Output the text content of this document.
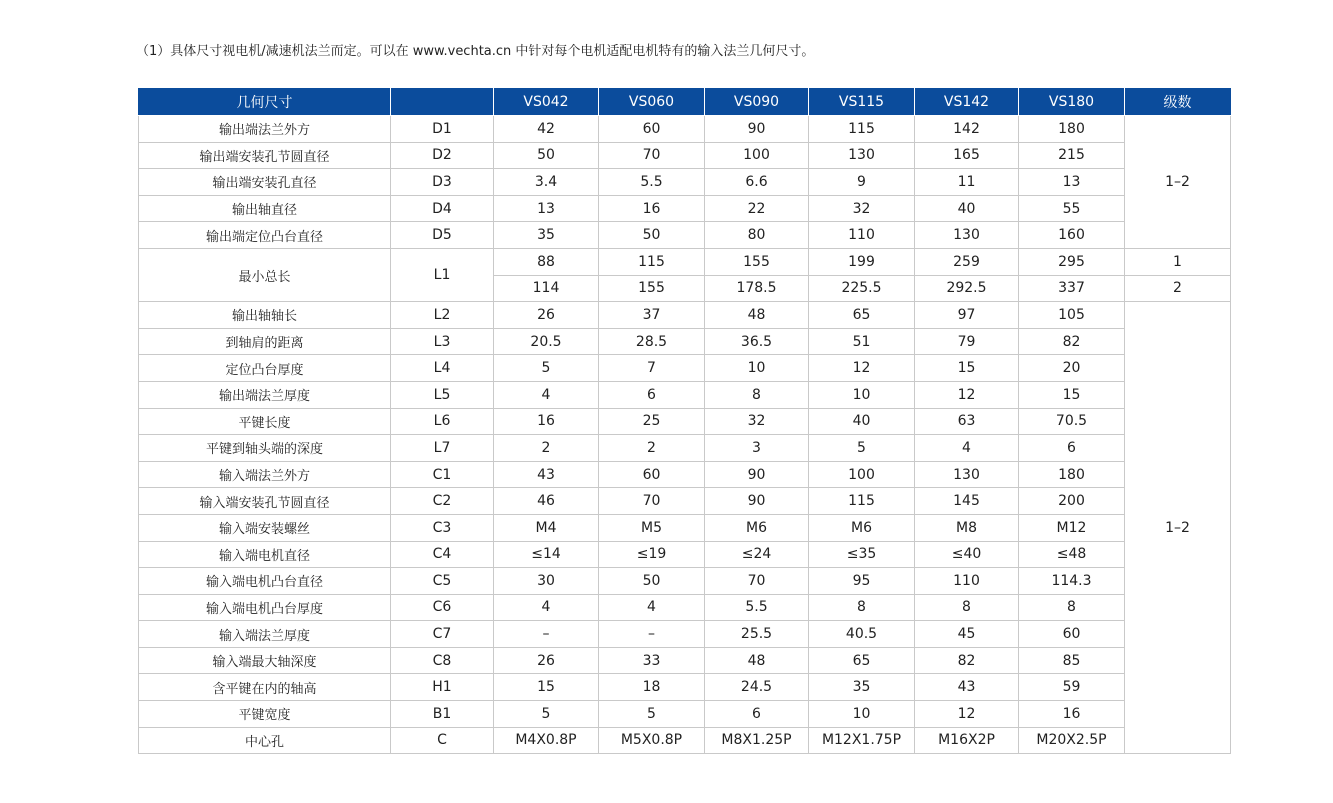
（1）具体尺寸视电机/减速机法兰而定。可以在 www.vechta.cn 中针对每个电机适配电机特有的输入法兰几何尺寸。
几何尺寸		VS042	VS060	VS090	VS115	VS142	VS180	级数
输出端法兰外方	D1	42	60	90	115	142	180	1–2
输出端安装孔节圆直径	D2	50	70	100	130	165	215	
输出端安装孔直径	D3	3.4	5.5	6.6	9	11	13	
输出轴直径	D4	13	16	22	32	40	55	
输出端定位凸台直径	D5	35	50	80	110	130	160	
最小总长	L1	88	115	155	199	259	295	1
		114	155	178.5	225.5	292.5	337	2
输出轴轴长	L2	26	37	48	65	97	105	1–2
到轴肩的距离	L3	20.5	28.5	36.5	51	79	82	
定位凸台厚度	L4	5	7	10	12	15	20	
输出端法兰厚度	L5	4	6	8	10	12	15	
平键长度	L6	16	25	32	40	63	70.5	
平键到轴头端的深度	L7	2	2	3	5	4	6	
输入端法兰外方	C1	43	60	90	100	130	180	
输入端安装孔节圆直径	C2	46	70	90	115	145	200	
输入端安装螺丝	C3	M4	M5	M6	M6	M8	M12	
输入端电机直径	C4	≤14	≤19	≤24	≤35	≤40	≤48	
输入端电机凸台直径	C5	30	50	70	95	110	114.3	
输入端电机凸台厚度	C6	4	4	5.5	8	8	8	
输入端法兰厚度	C7	–	–	25.5	40.5	45	60	
输入端最大轴深度	C8	26	33	48	65	82	85	
含平键在内的轴高	H1	15	18	24.5	35	43	59	
平键宽度	B1	5	5	6	10	12	16	
中心孔	C	M4X0.8P	M5X0.8P	M8X1.25P	M12X1.75P	M16X2P	M20X2.5P	
